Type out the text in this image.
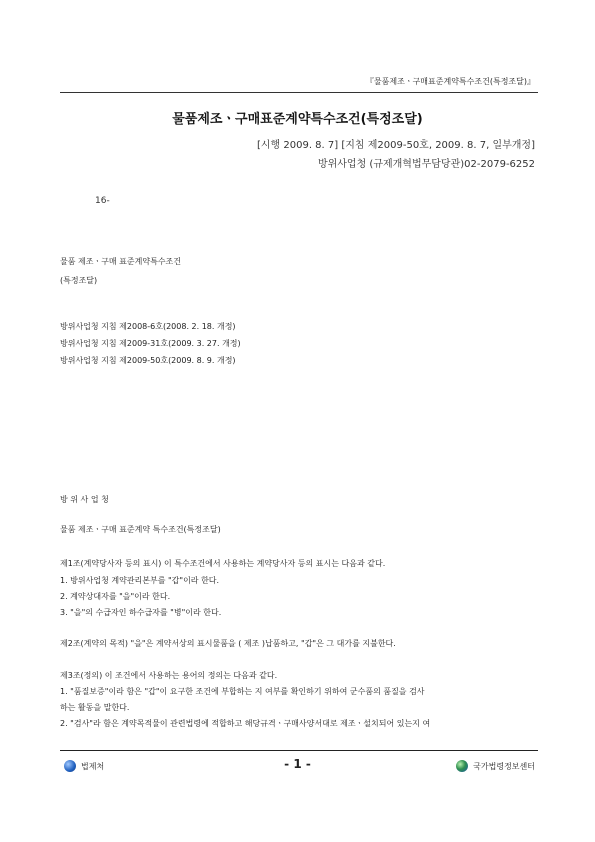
『물품제조ㆍ구매표준계약특수조건(특정조달)』
물품제조ㆍ구매표준계약특수조건(특정조달)
[시행 2009. 8. 7] [지침 제2009-50호, 2009. 8. 7, 일부개정]
방위사업청 (규제개혁법무담당관)02-2079-6252
16-
물품 제조ㆍ구매 표준계약특수조건
(특정조달)
방위사업청 지침 제2008-6호(2008. 2. 18. 개정)
방위사업청 지침 제2009-31호(2009. 3. 27. 개정)
방위사업청 지침 제2009-50호(2009. 8. 9. 개정)
방 위 사 업 청
물품 제조ㆍ구매 표준계약 특수조건(특정조달)
제1조(계약당사자 등의 표시) 이 특수조건에서 사용하는 계약당사자 등의 표시는 다음과 같다.
1. 방위사업청 계약관리본부를 "갑"이라 한다.
2. 계약상대자를 "을"이라 한다.
3. "을"의 수급자인 하수급자를 "병"이라 한다.
제2조(계약의 목적) "을"은 계약서상의 표시물품을 ( 제조 )납품하고, "갑"은 그 대가를 지불한다.
제3조(정의) 이 조건에서 사용하는 용어의 정의는 다음과 같다.
1. "품질보증"이라 함은 "갑"이 요구한 조건에 부합하는 지 여부를 확인하기 위하여 군수품의 품질을 검사
하는 활동을 말한다.
2. "검사"라 함은 계약목적물이 관련법령에 적합하고 해당규격ㆍ구매사양서대로 제조ㆍ설치되어 있는지 여
법제처	- 1 -	국가법령정보센터
